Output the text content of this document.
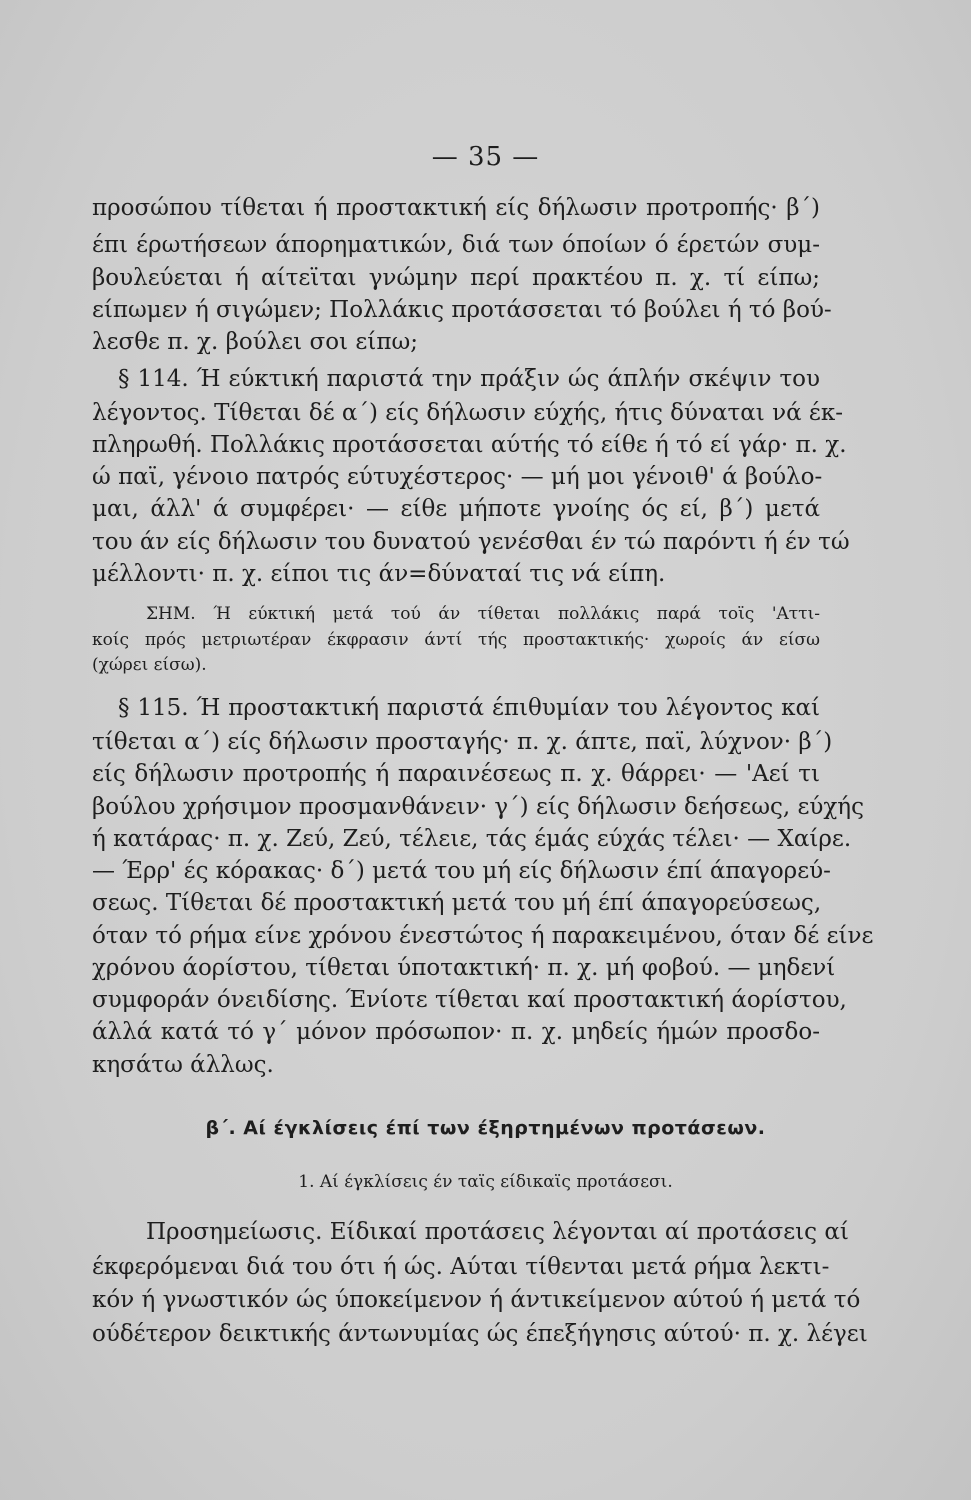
— 35 —
προσώπου τίθεται ή προστακτική είς δήλωσιν προτροπής· β΄)
έπι έρωτήσεων άπορηματικών, διά των όποίων ό έρετών συμ-
βουλεύεται ή αίτεϊται γνώμην περί πρακτέου π. χ. τί είπω;
είπωμεν ή σιγώμεν; Πολλάκις προτάσσεται τό βούλει ή τό βού-
λεσθε π. χ. βούλει σοι είπω;
§ 114. Ή εύκτική παριστά την πράξιν ώς άπλήν σκέψιν του
λέγοντος. Τίθεται δέ α΄) είς δήλωσιν εύχής, ήτις δύναται νά έκ-
πληρωθή. Πολλάκις προτάσσεται αύτής τό είθε ή τό εί γάρ· π. χ.
ώ παϊ, γένοιο πατρός εύτυχέστερος· — μή μοι γένοιθ' ά βούλο-
μαι, άλλ' ά συμφέρει· — είθε μήποτε γνοίης ός εί, β΄) μετά
του άν είς δήλωσιν του δυνατού γενέσθαι έν τώ παρόντι ή έν τώ
μέλλοντι· π. χ. είποι τις άν=δύναταί τις νά είπη.
ΣΗΜ. Ή εύκτική μετά τού άν τίθεται πολλάκις παρά τοϊς 'Αττι-
κοίς πρός μετριωτέραν έκφρασιν άντί τής προστακτικής· χωροίς άν είσω
(χώρει είσω).
§ 115. Ή προστακτική παριστά έπιθυμίαν του λέγοντος καί
τίθεται α΄) είς δήλωσιν προσταγής· π. χ. άπτε, παϊ, λύχνον· β΄)
είς δήλωσιν προτροπής ή παραινέσεως π. χ. θάρρει· — 'Αεί τι
βούλου χρήσιμον προσμανθάνειν· γ΄) είς δήλωσιν δεήσεως, εύχής
ή κατάρας· π. χ. Ζεύ, Ζεύ, τέλειε, τάς έμάς εύχάς τέλει· — Χαίρε.
— Έρρ' ές κόρακας· δ΄) μετά του μή είς δήλωσιν έπί άπαγορεύ-
σεως. Τίθεται δέ προστακτική μετά του μή έπί άπαγορεύσεως,
όταν τό ρήμα είνε χρόνου ένεστώτος ή παρακειμένου, όταν δέ είνε
χρόνου άορίστου, τίθεται ύποτακτική· π. χ. μή φοβού. — μηδενί
συμφοράν όνειδίσης. Ένίοτε τίθεται καί προστακτική άορίστου,
άλλά κατά τό γ΄ μόνον πρόσωπον· π. χ. μηδείς ήμών προσδο-
κησάτω άλλως.
β΄. Αί έγκλίσεις έπί των έξηρτημένων προτάσεων.
1. Αί έγκλίσεις έν ταϊς είδικαϊς προτάσεσι.
Προσημείωσις. Είδικαί προτάσεις λέγονται αί προτάσεις αί
έκφερόμεναι διά του ότι ή ώς. Αύται τίθενται μετά ρήμα λεκτι-
κόν ή γνωστικόν ώς ύποκείμενον ή άντικείμενον αύτού ή μετά τό
ούδέτερον δεικτικής άντωνυμίας ώς έπεξήγησις αύτού· π. χ. λέγει
